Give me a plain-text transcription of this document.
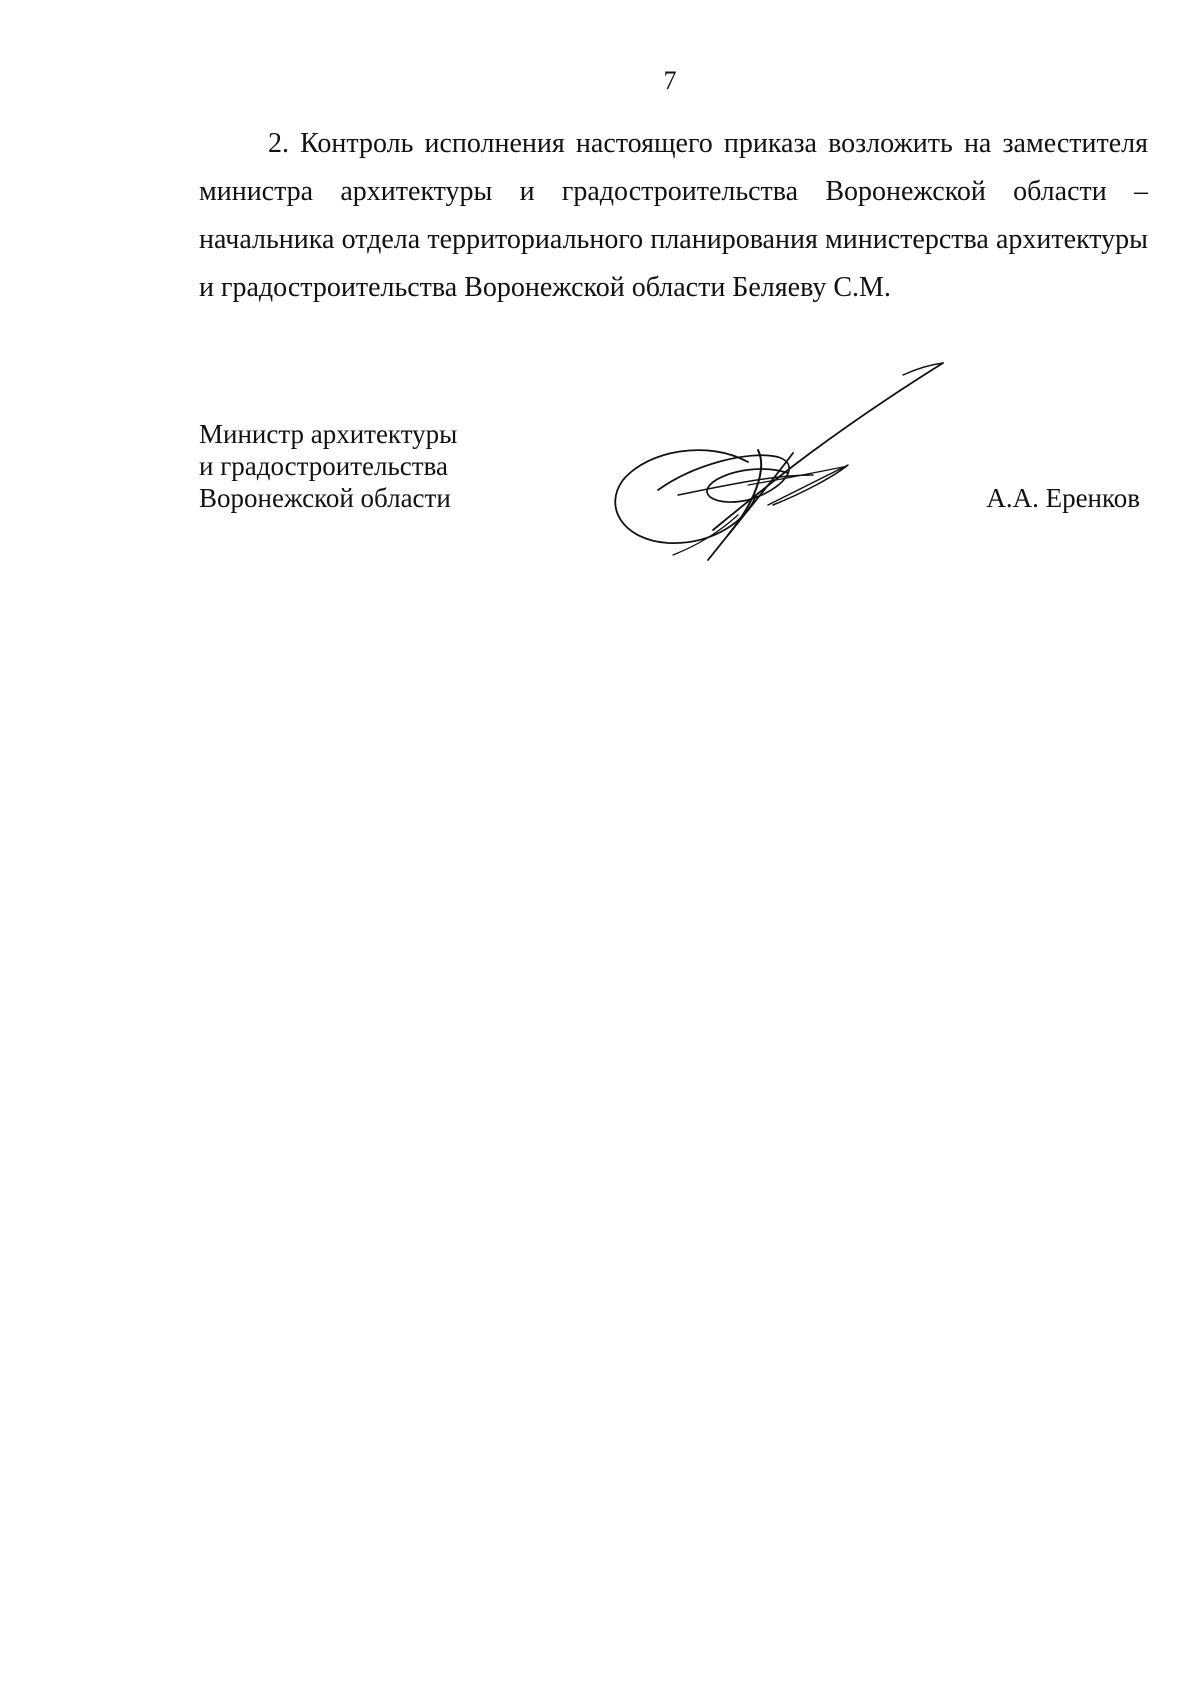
7

2. Контроль исполнения настоящего приказа возложить на заместителя министра архитектуры и градостроительства Воронежской области – начальника отдела территориального планирования министерства архитектуры и градостроительства Воронежской области Беляеву С.М.

Министр архитектуры
и градостроительства
Воронежской области	А.А. Еренков
